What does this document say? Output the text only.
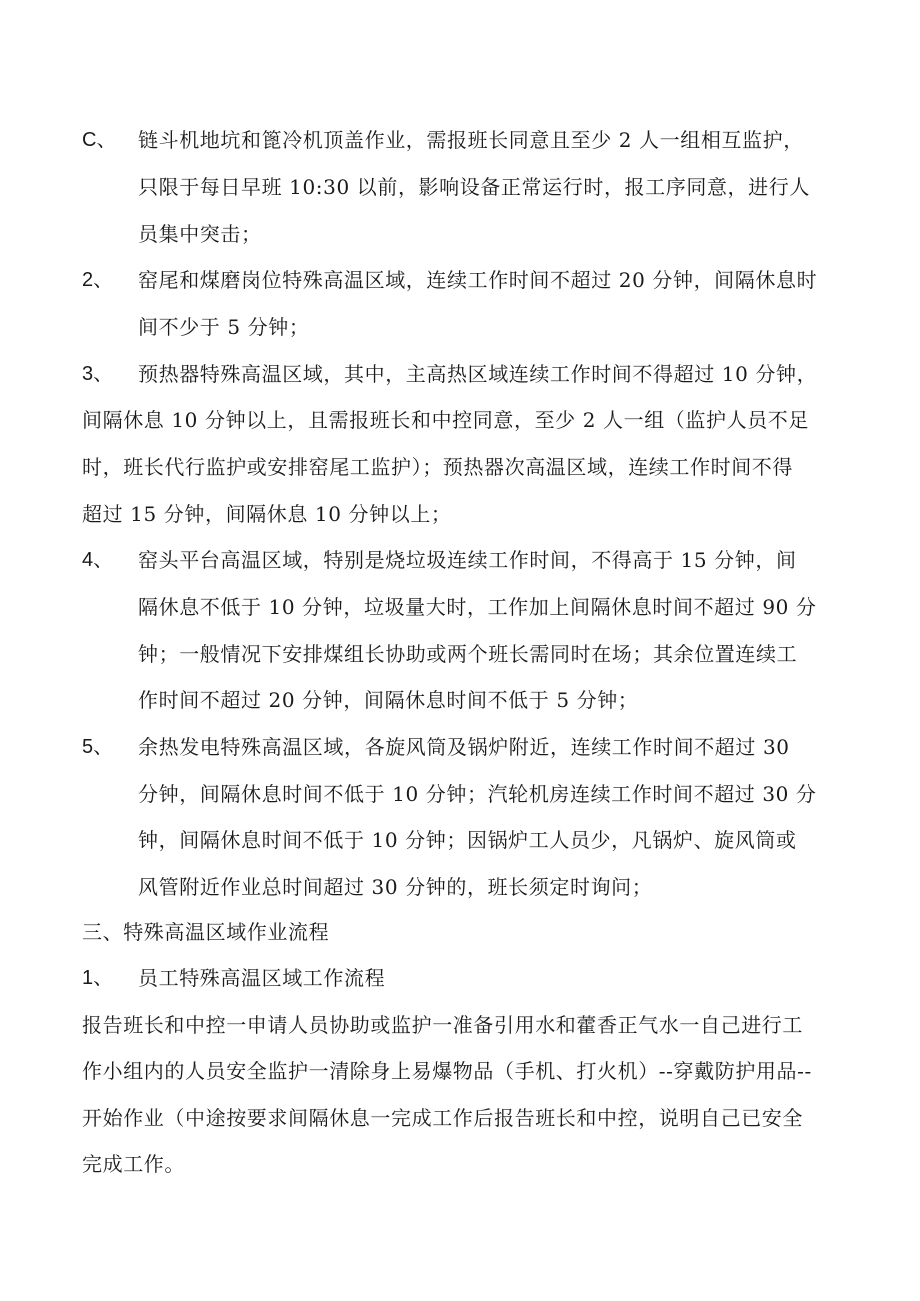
C、 链斗机地坑和篦冷机顶盖作业，需报班长同意且至少 2 人一组相互监护，
只限于每日早班 10:30 以前，影响设备正常运行时，报工序同意，进行人
员集中突击；
2、 窑尾和煤磨岗位特殊高温区域，连续工作时间不超过 20 分钟，间隔休息时
间不少于 5 分钟；
3、 预热器特殊高温区域，其中，主高热区域连续工作时间不得超过 10 分钟，
间隔休息 10 分钟以上，且需报班长和中控同意，至少 2 人一组（监护人员不足
时，班长代行监护或安排窑尾工监护）；预热器次高温区域，连续工作时间不得
超过 15 分钟，间隔休息 10 分钟以上；
4、 窑头平台高温区域，特别是烧垃圾连续工作时间，不得高于 15 分钟，间
隔休息不低于 10 分钟，垃圾量大时，工作加上间隔休息时间不超过 90 分
钟；一般情况下安排煤组长协助或两个班长需同时在场；其余位置连续工
作时间不超过 20 分钟，间隔休息时间不低于 5 分钟；
5、 余热发电特殊高温区域，各旋风筒及锅炉附近，连续工作时间不超过 30
分钟，间隔休息时间不低于 10 分钟；汽轮机房连续工作时间不超过 30 分
钟，间隔休息时间不低于 10 分钟；因锅炉工人员少，凡锅炉、旋风筒或
风管附近作业总时间超过 30 分钟的，班长须定时询问；
三、特殊高温区域作业流程
1、 员工特殊高温区域工作流程
报告班长和中控一申请人员协助或监护一准备引用水和藿香正气水一自己进行工
作小组内的人员安全监护一清除身上易爆物品（手机、打火机）--穿戴防护用品--
开始作业（中途按要求间隔休息一完成工作后报告班长和中控，说明自己已安全
完成工作。
